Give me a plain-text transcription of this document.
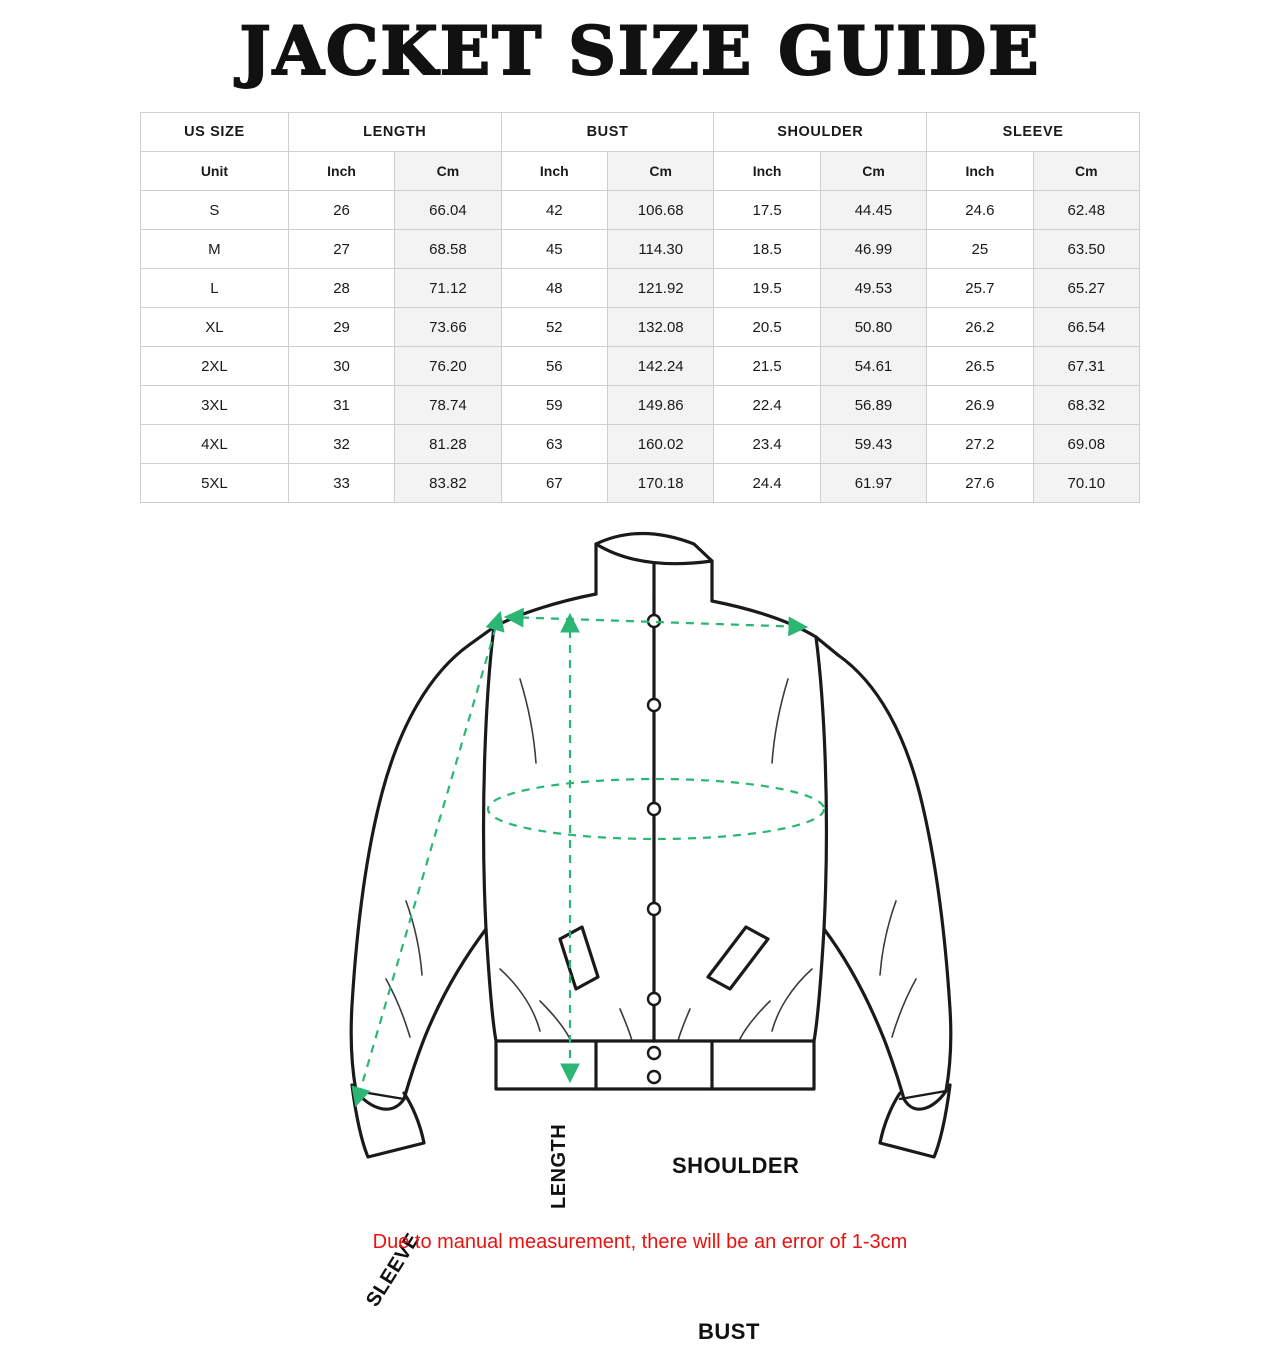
JACKET SIZE GUIDE
US SIZE	LENGTH		BUST		SHOULDER		SLEEVE	
Unit	Inch	Cm	Inch	Cm	Inch	Cm	Inch	Cm
S	26	66.04	42	106.68	17.5	44.45	24.6	62.48
M	27	68.58	45	114.30	18.5	46.99	25	63.50
L	28	71.12	48	121.92	19.5	49.53	25.7	65.27
XL	29	73.66	52	132.08	20.5	50.80	26.2	66.54
2XL	30	76.20	56	142.24	21.5	54.61	26.5	67.31
3XL	31	78.74	59	149.86	22.4	56.89	26.9	68.32
4XL	32	81.28	63	160.02	23.4	59.43	27.2	69.08
5XL	33	83.82	67	170.18	24.4	61.97	27.6	70.10
SHOULDER
BUST
LENGTH
SLEEVE
Due to manual measurement, there will be an error of 1-3cm
